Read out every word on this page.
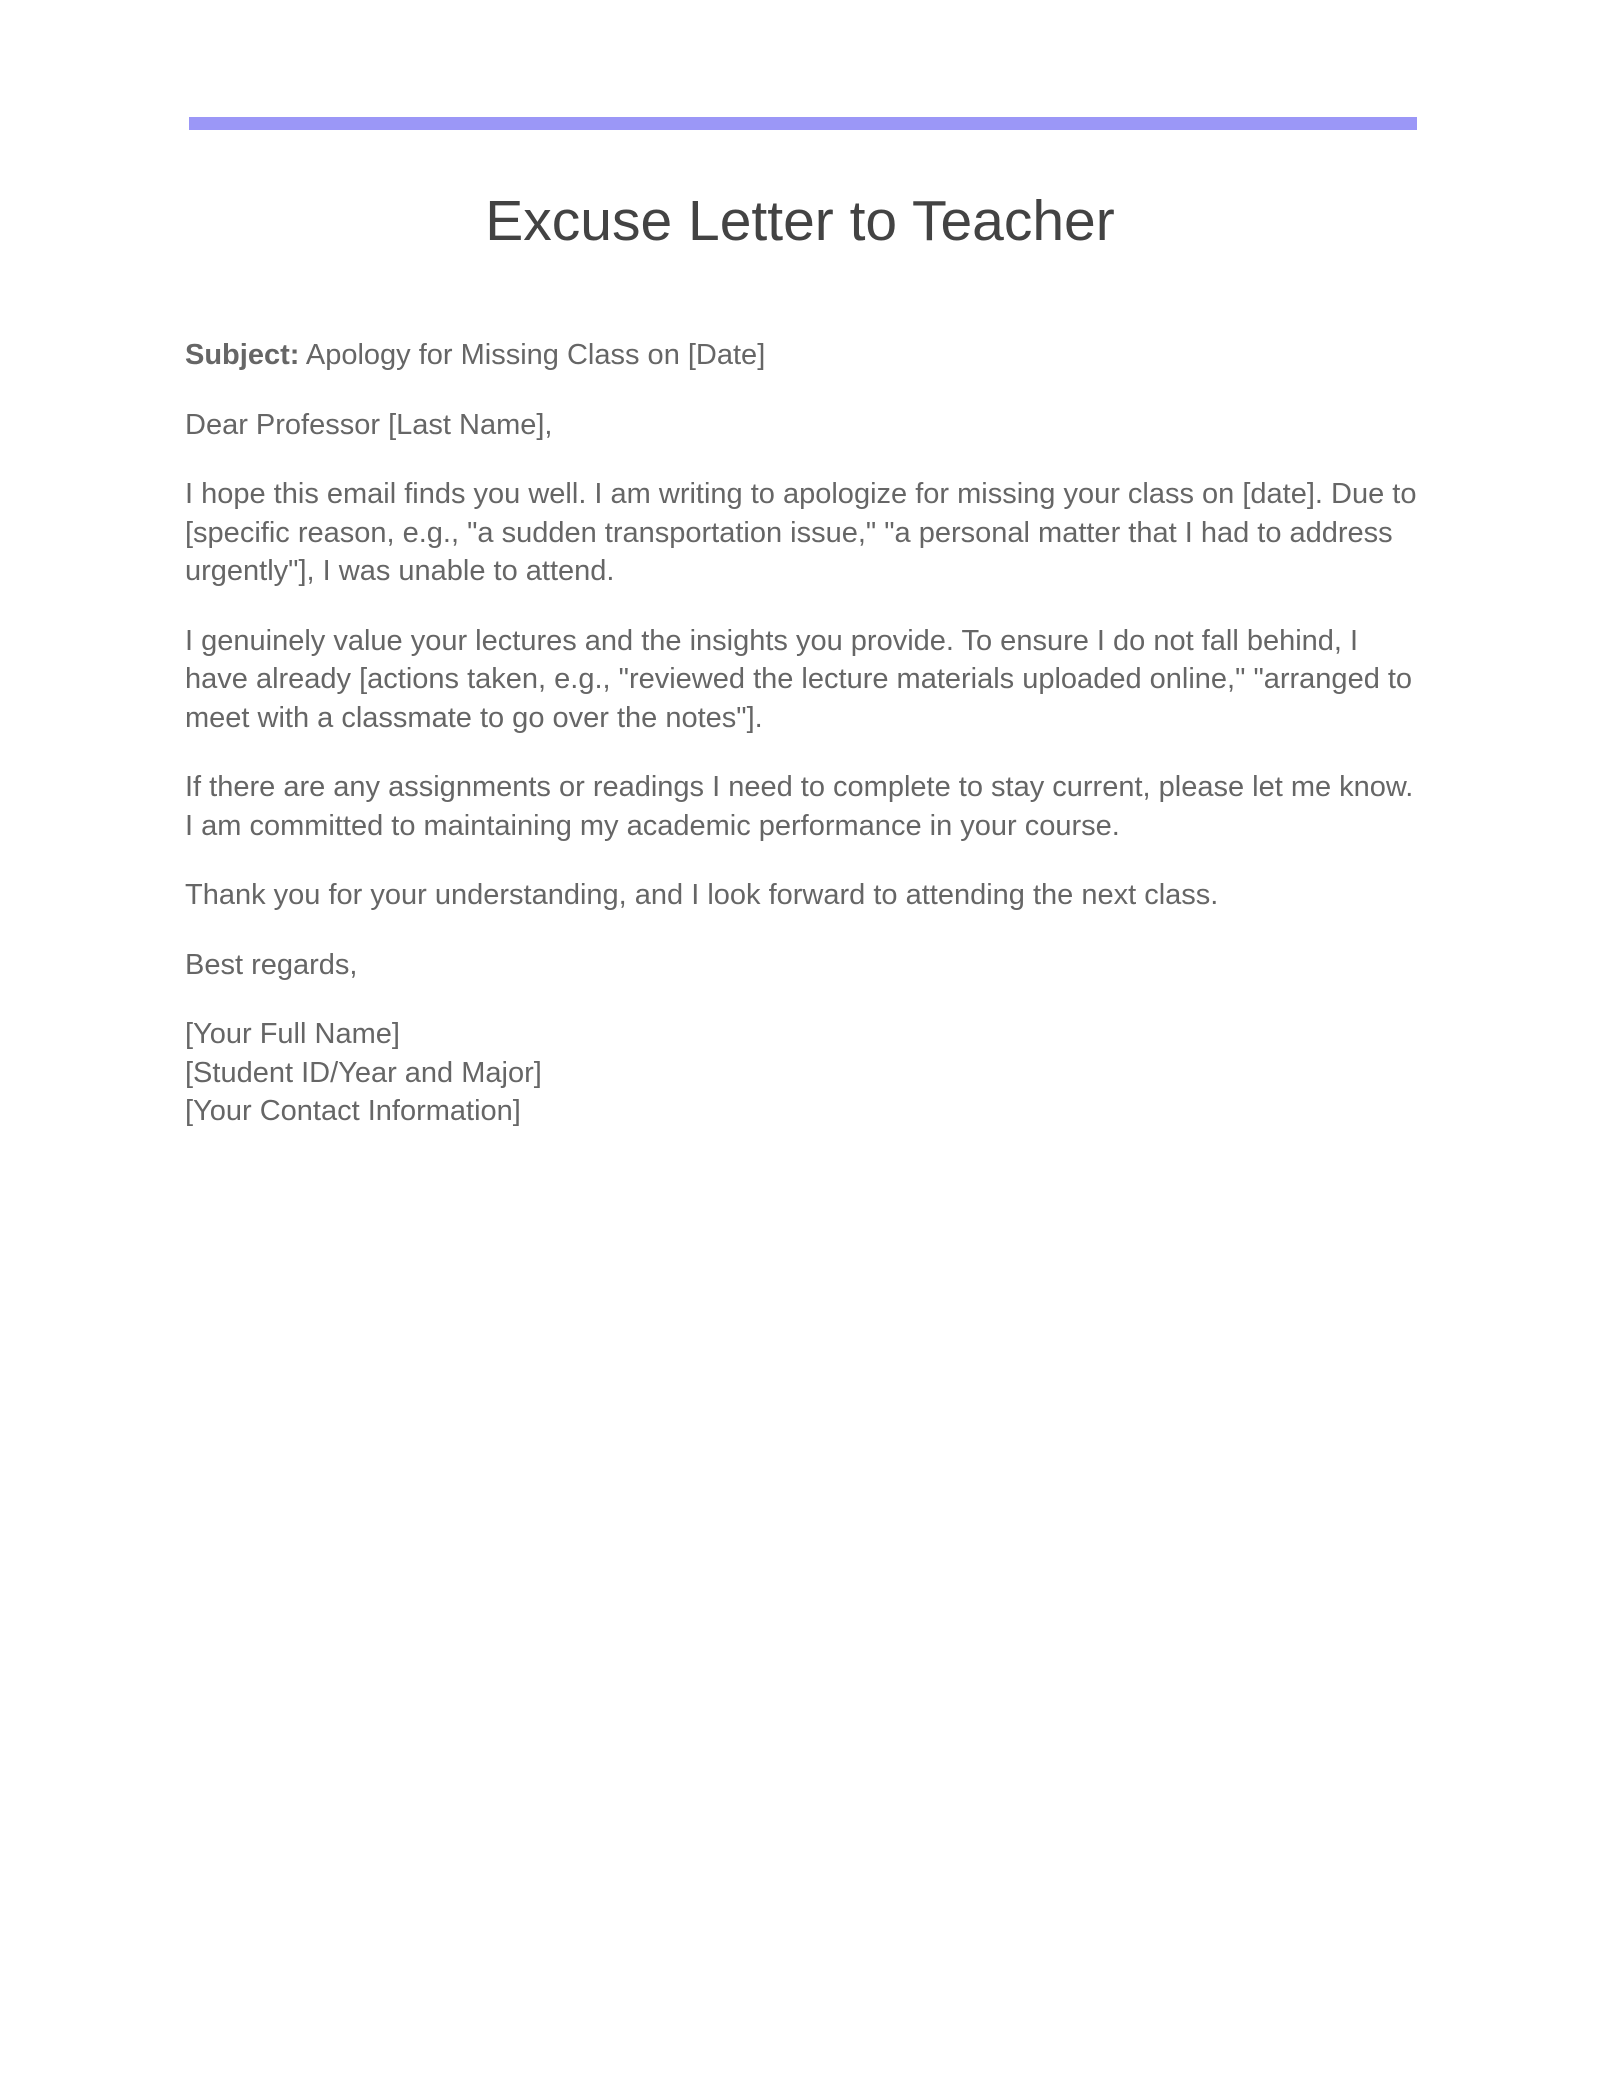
Excuse Letter to Teacher

Subject: Apology for Missing Class on [Date]

Dear Professor [Last Name],

I hope this email finds you well. I am writing to apologize for missing your class on [date]. Due to [specific reason, e.g., "a sudden transportation issue," "a personal matter that I had to address urgently"], I was unable to attend.

I genuinely value your lectures and the insights you provide. To ensure I do not fall behind, I have already [actions taken, e.g., "reviewed the lecture materials uploaded online," "arranged to meet with a classmate to go over the notes"].

If there are any assignments or readings I need to complete to stay current, please let me know. I am committed to maintaining my academic performance in your course.

Thank you for your understanding, and I look forward to attending the next class.

Best regards,

[Your Full Name]

[Student ID/Year and Major]

[Your Contact Information]
